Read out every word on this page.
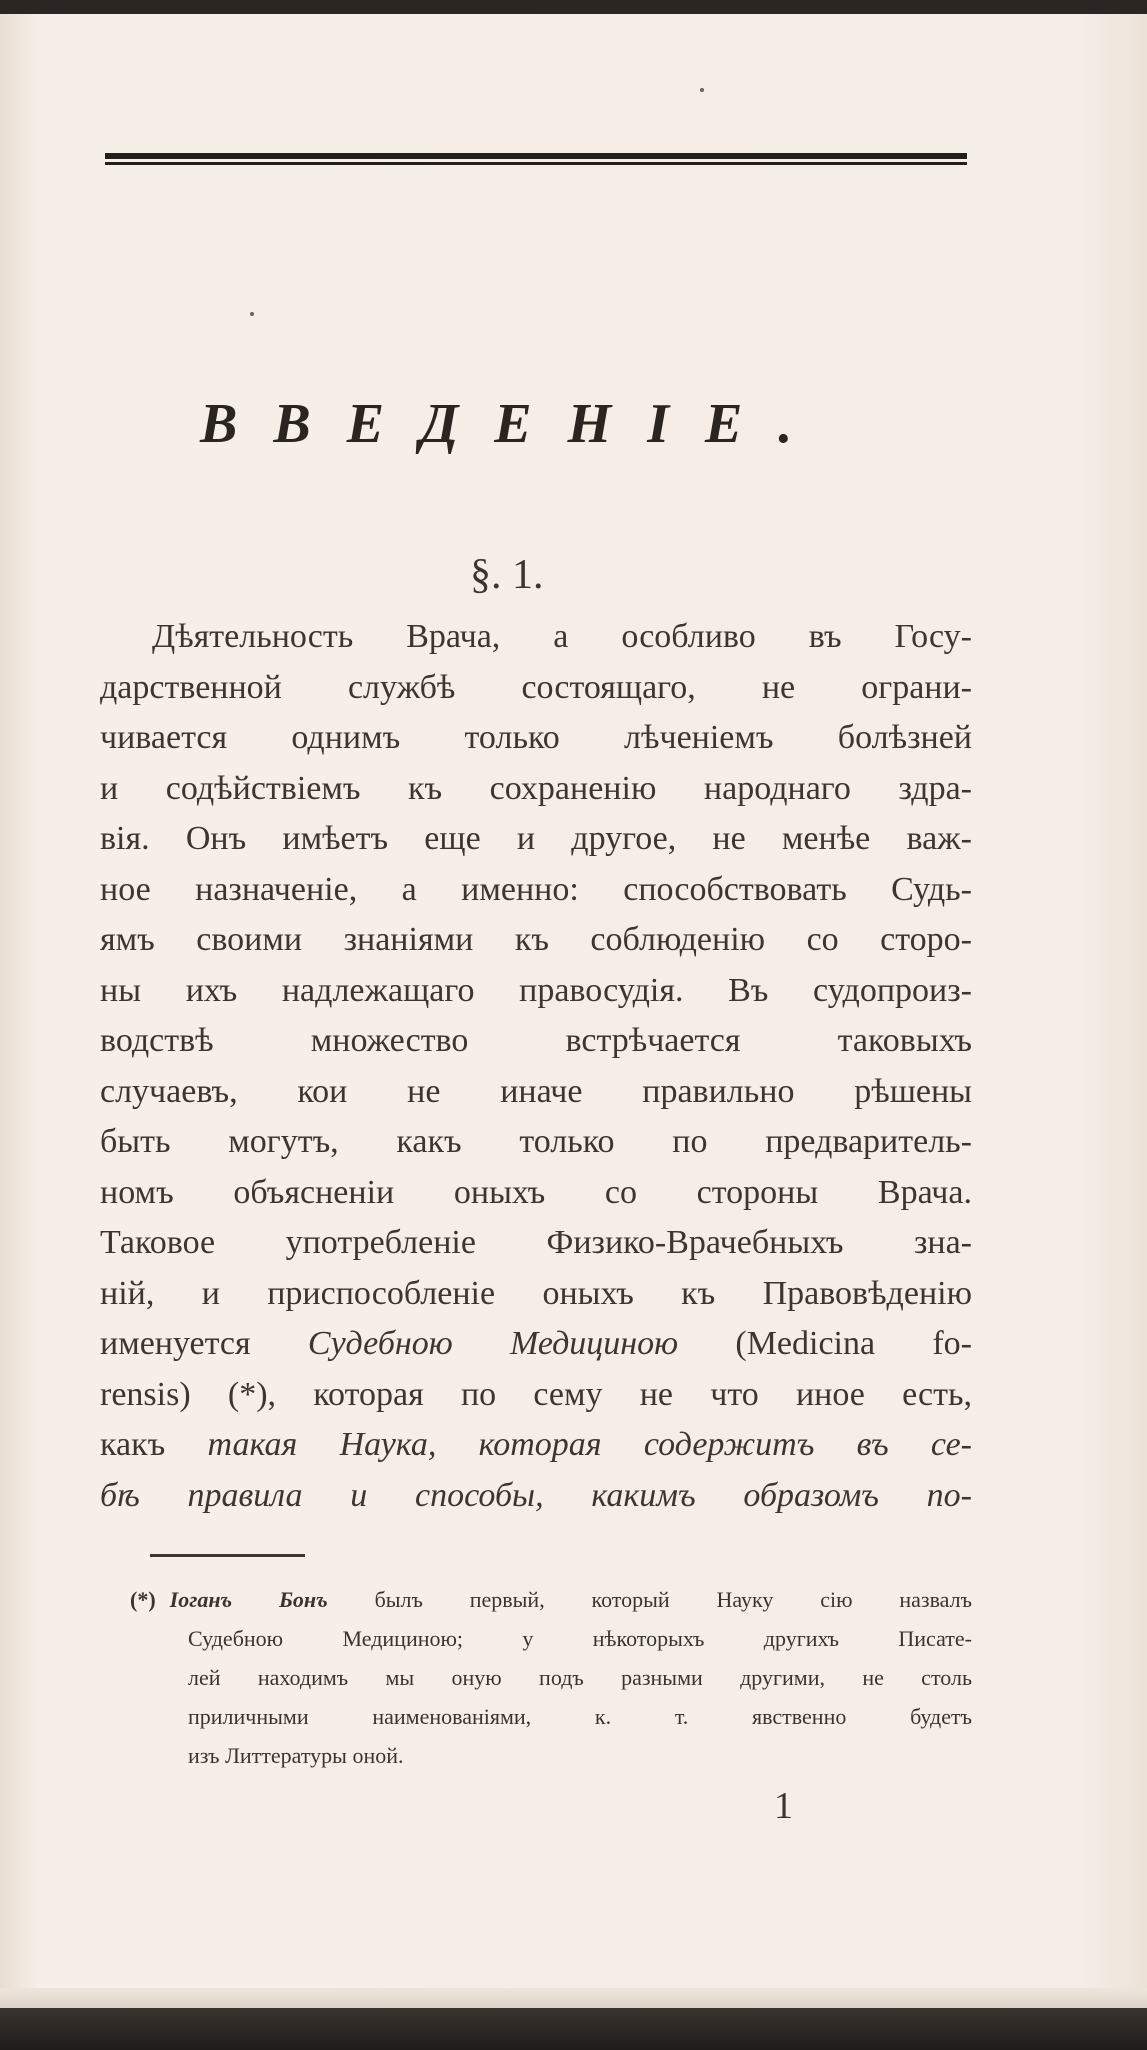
ВВЕДЕНІЕ.
§. 1.
Дѣятельность Врача, а особливо въ Госу-
дарственной службѣ состоящаго, не ограни-
чивается однимъ только лѣченіемъ болѣзней
и содѣйствіемъ къ сохраненію народнаго здра-
вія. Онъ имѣетъ еще и другое, не менѣе важ-
ное назначеніе, а именно: способствовать Судь-
ямъ своими знаніями къ соблюденію со сторо-
ны ихъ надлежащаго правосудія. Въ судопроиз-
водствѣ множество встрѣчается таковыхъ
случаевъ, кои не иначе правильно рѣшены
быть могутъ, какъ только по предваритель-
номъ объясненіи оныхъ со стороны Врача.
Таковое употребленіе Физико-Врачебныхъ зна-
ній, и приспособленіе оныхъ къ Правовѣденію
именуется Судебною Медициною (Medicina fo-
rensis) (*), которая по сему не что иное есть,
какъ такая Наука, которая содержитъ въ се-
бѣ правила и способы, какимъ образомъ по-
(*) Іоганъ Бонъ былъ первый, который Науку сію назвалъ
Судебною Медициною; у нѣкоторыхъ другихъ Писате-
лей находимъ мы оную подъ разными другими, не столь
приличными наименованіями, к. т. явственно будетъ
изъ Литтературы оной.
1
